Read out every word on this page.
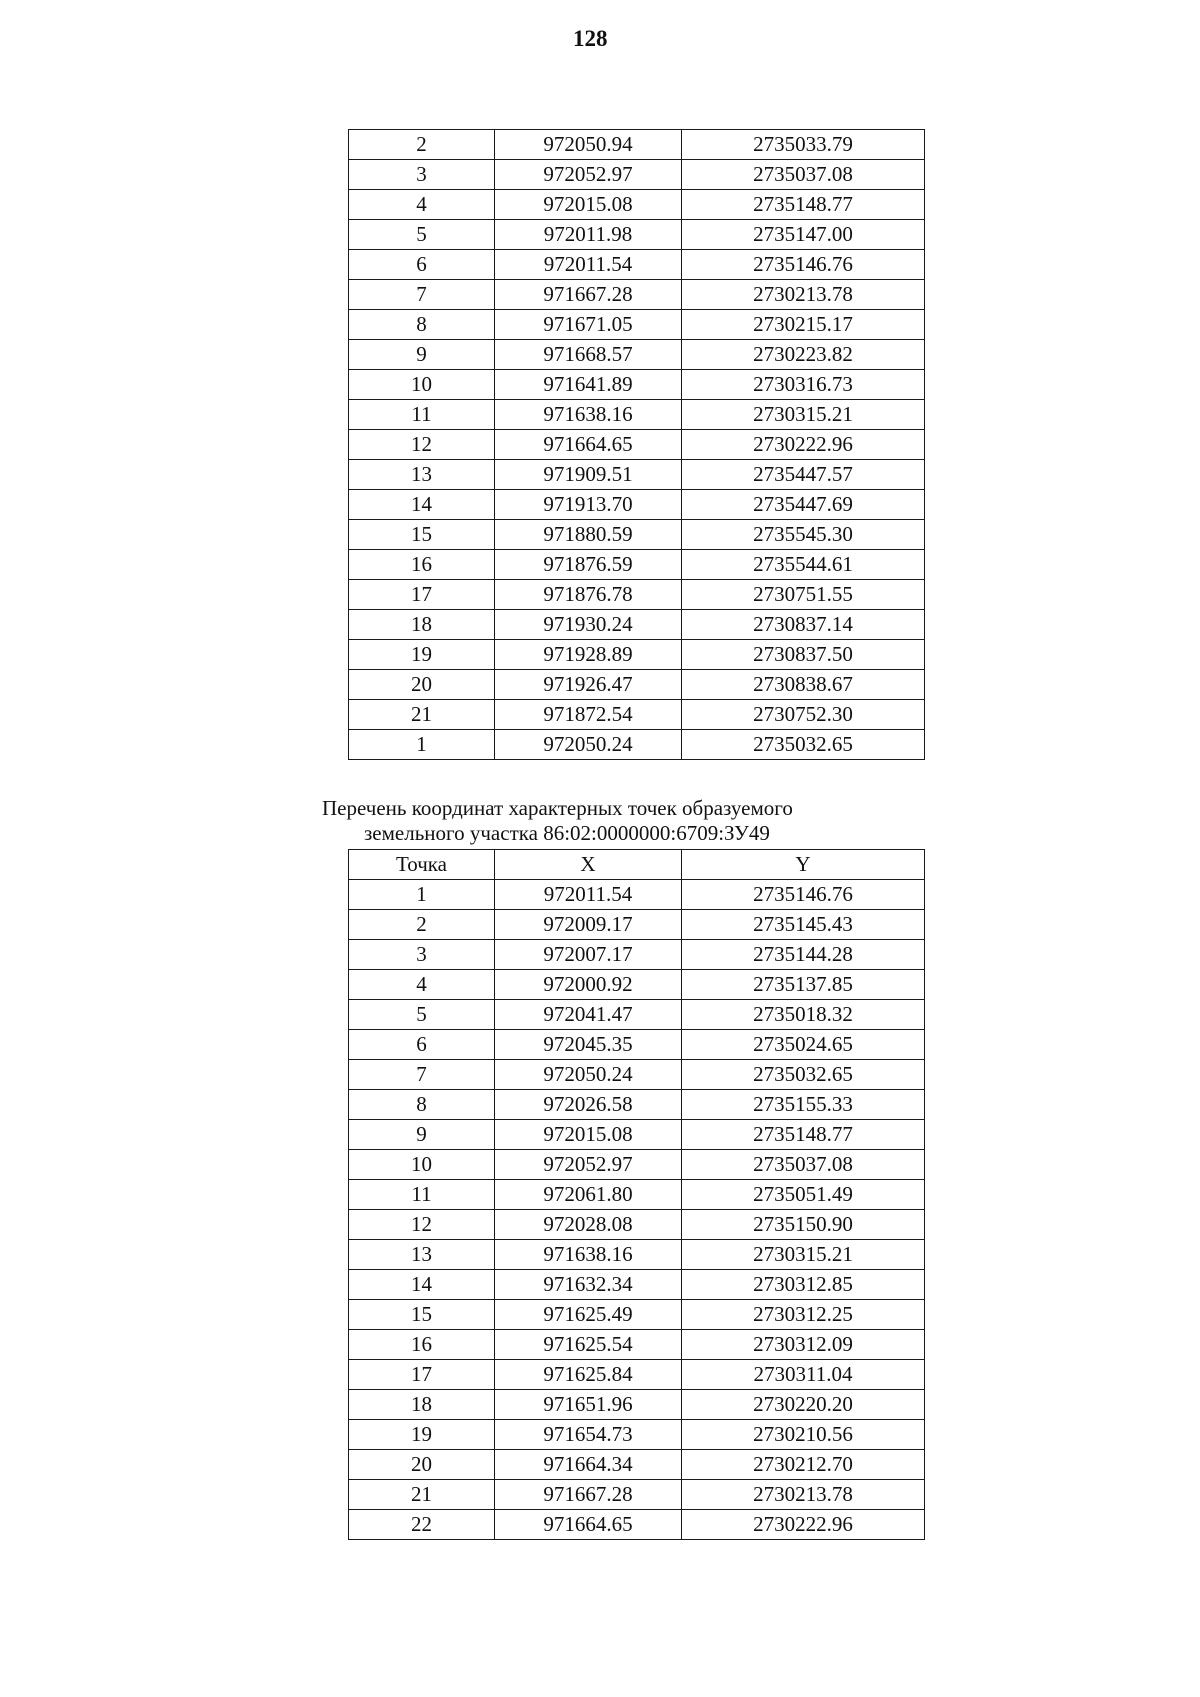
128
2	972050.94	2735033.79
3	972052.97	2735037.08
4	972015.08	2735148.77
5	972011.98	2735147.00
6	972011.54	2735146.76
7	971667.28	2730213.78
8	971671.05	2730215.17
9	971668.57	2730223.82
10	971641.89	2730316.73
11	971638.16	2730315.21
12	971664.65	2730222.96
13	971909.51	2735447.57
14	971913.70	2735447.69
15	971880.59	2735545.30
16	971876.59	2735544.61
17	971876.78	2730751.55
18	971930.24	2730837.14
19	971928.89	2730837.50
20	971926.47	2730838.67
21	971872.54	2730752.30
1	972050.24	2735032.65
Перечень координат характерных точек образуемого
земельного участка 86:02:0000000:6709:ЗУ49
Точка	X	Y
1	972011.54	2735146.76
2	972009.17	2735145.43
3	972007.17	2735144.28
4	972000.92	2735137.85
5	972041.47	2735018.32
6	972045.35	2735024.65
7	972050.24	2735032.65
8	972026.58	2735155.33
9	972015.08	2735148.77
10	972052.97	2735037.08
11	972061.80	2735051.49
12	972028.08	2735150.90
13	971638.16	2730315.21
14	971632.34	2730312.85
15	971625.49	2730312.25
16	971625.54	2730312.09
17	971625.84	2730311.04
18	971651.96	2730220.20
19	971654.73	2730210.56
20	971664.34	2730212.70
21	971667.28	2730213.78
22	971664.65	2730222.96
